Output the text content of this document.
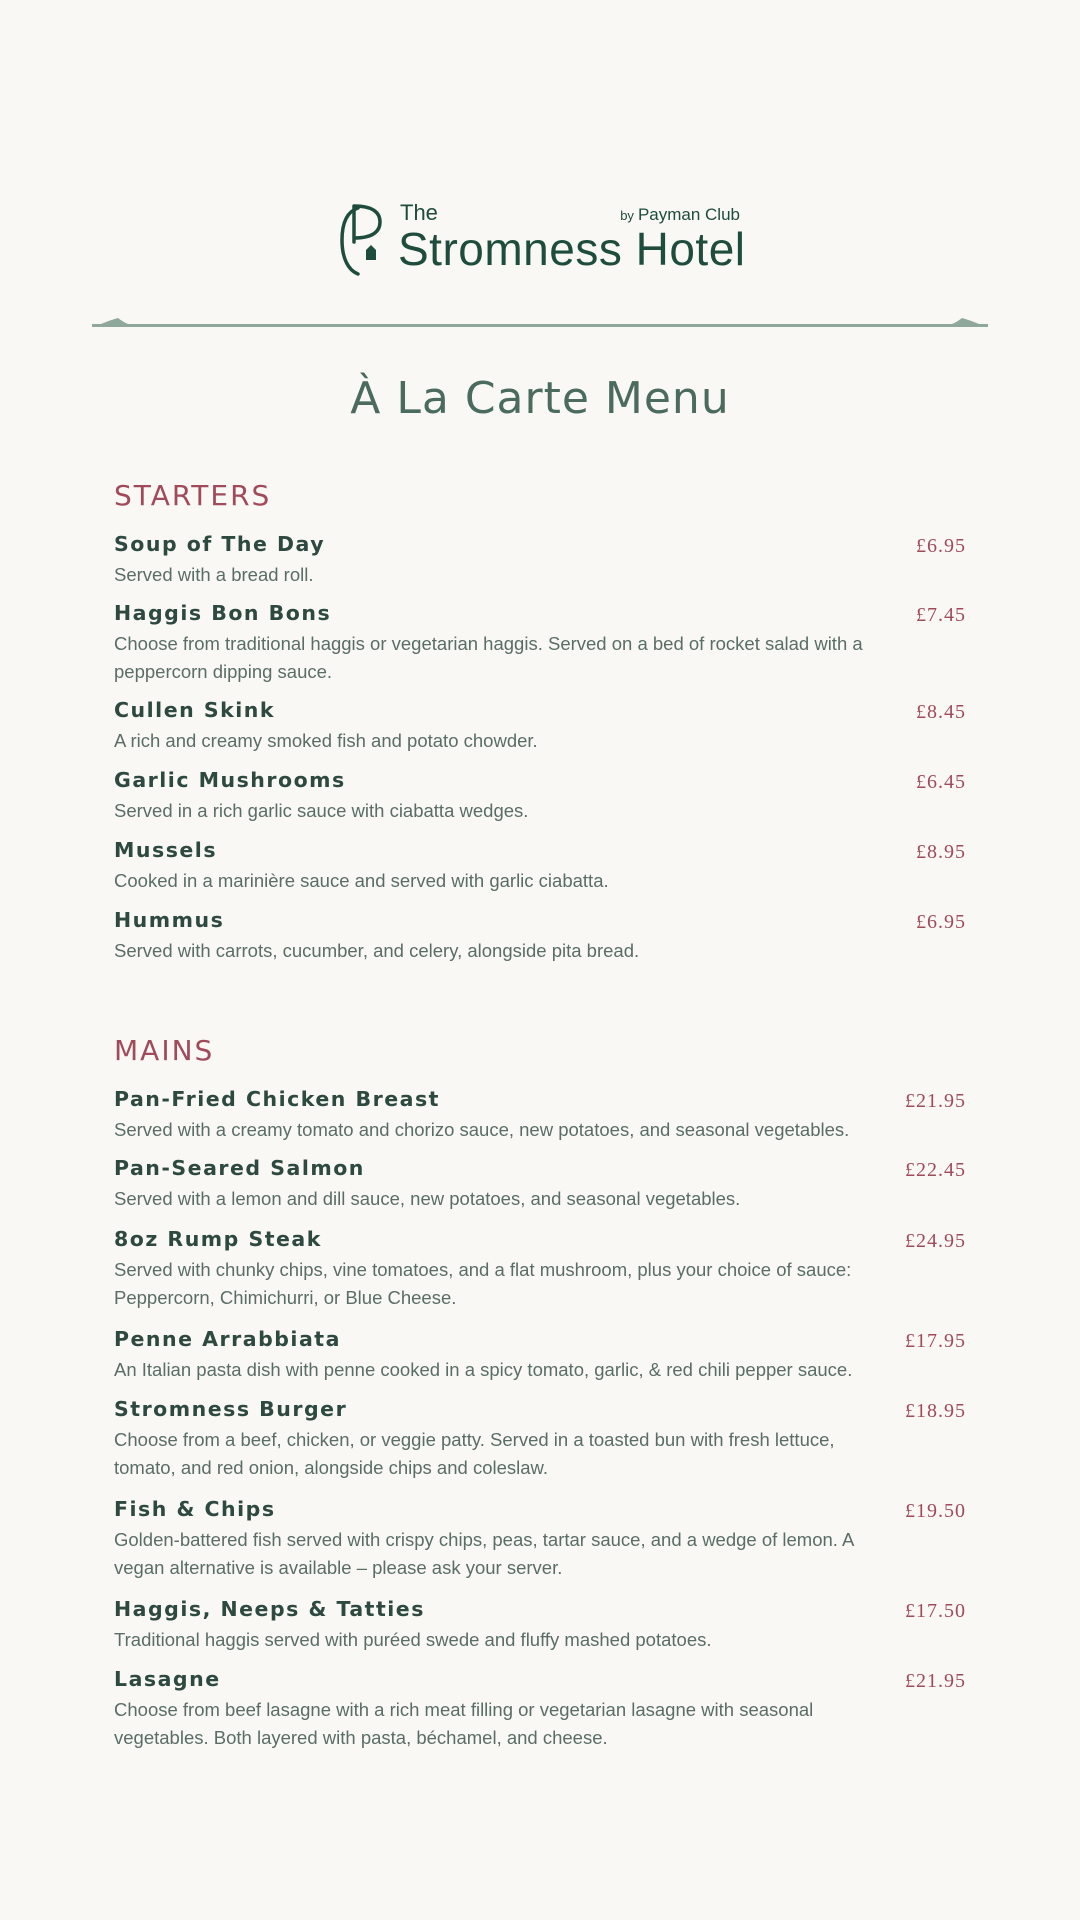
The	by Payman Club
Stromness Hotel
À La Carte Menu
STARTERS
Soup of The Day	£6.95
Served with a bread roll.
Haggis Bon Bons	£7.45
Choose from traditional haggis or vegetarian haggis. Served on a bed of rocket salad with a peppercorn dipping sauce.
Cullen Skink	£8.45
A rich and creamy smoked fish and potato chowder.
Garlic Mushrooms	£6.45
Served in a rich garlic sauce with ciabatta wedges.
Mussels	£8.95
Cooked in a marinière sauce and served with garlic ciabatta.
Hummus	£6.95
Served with carrots, cucumber, and celery, alongside pita bread.
MAINS
Pan-Fried Chicken Breast	£21.95
Served with a creamy tomato and chorizo sauce, new potatoes, and seasonal vegetables.
Pan-Seared Salmon	£22.45
Served with a lemon and dill sauce, new potatoes, and seasonal vegetables.
8oz Rump Steak	£24.95
Served with chunky chips, vine tomatoes, and a flat mushroom, plus your choice of sauce: Peppercorn, Chimichurri, or Blue Cheese.
Penne Arrabbiata	£17.95
An Italian pasta dish with penne cooked in a spicy tomato, garlic, & red chili pepper sauce.
Stromness Burger	£18.95
Choose from a beef, chicken, or veggie patty. Served in a toasted bun with fresh lettuce, tomato, and red onion, alongside chips and coleslaw.
Fish & Chips	£19.50
Golden-battered fish served with crispy chips, peas, tartar sauce, and a wedge of lemon. A vegan alternative is available – please ask your server.
Haggis, Neeps & Tatties	£17.50
Traditional haggis served with puréed swede and fluffy mashed potatoes.
Lasagne	£21.95
Choose from beef lasagne with a rich meat filling or vegetarian lasagne with seasonal vegetables. Both layered with pasta, béchamel, and cheese.
